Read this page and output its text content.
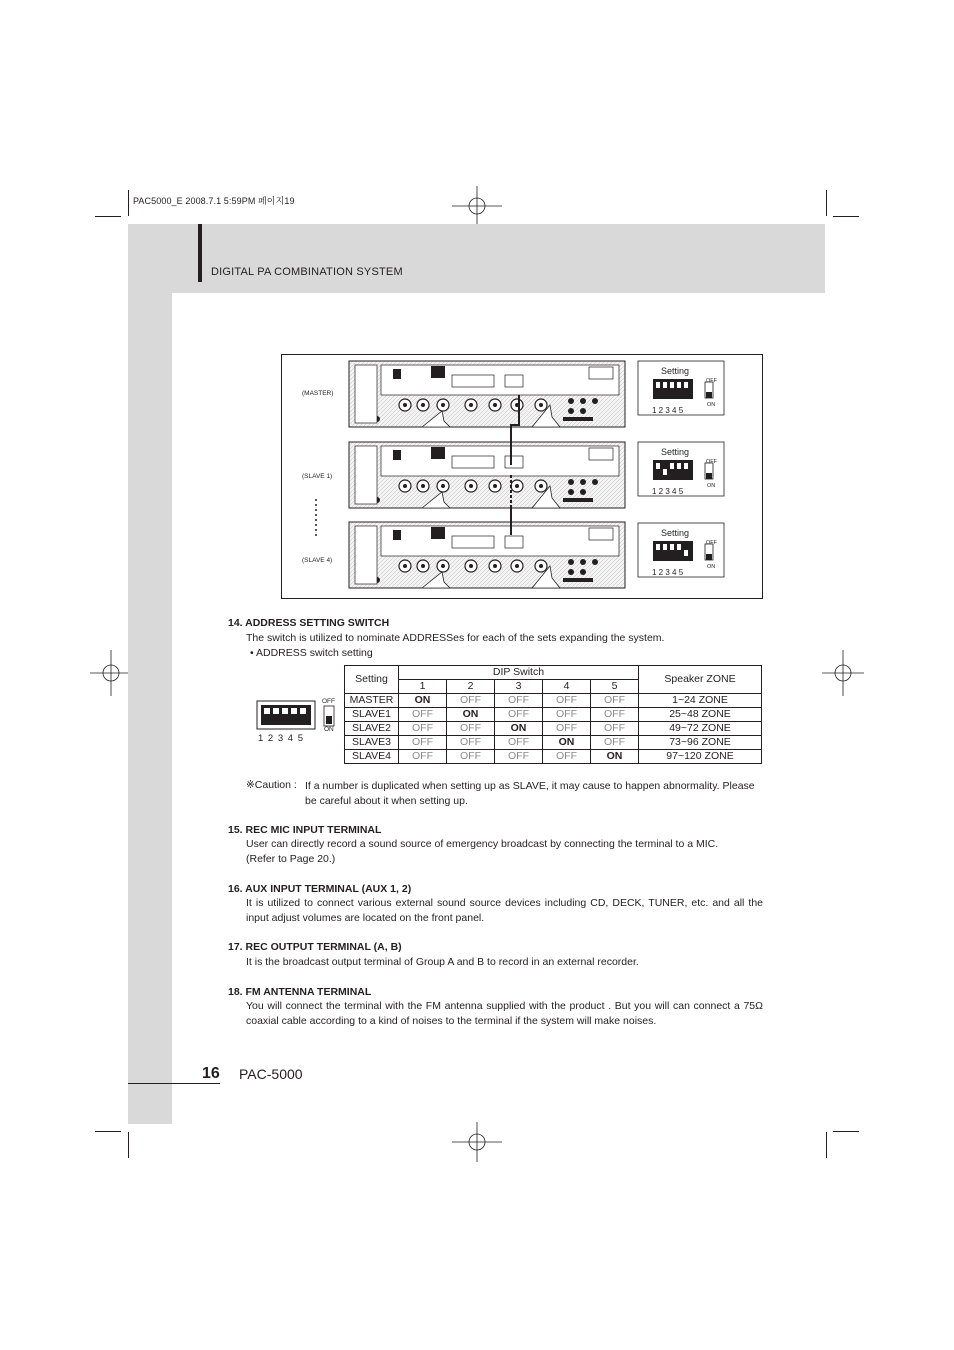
PAC5000_E 2008.7.1 5:59PM 페이지19
DIGITAL PA COMBINATION SYSTEM
(MASTER)
(SLAVE 1)
(SLAVE 4)
Setting
1 2 3 4 5
OFF
ON
Setting
1 2 3 4 5
OFF
ON
Setting
1 2 3 4 5
OFF
ON
14. ADDRESS SETTING SWITCH
The switch is utilized to nominate ADDRESSes for each of the sets expanding the system.
• ADDRESS switch setting
1 2 3 4 5
OFF
ON
Setting	DIP Switch					Speaker ZONE
	1	2	3	4	5	
MASTER	ON	OFF	OFF	OFF	OFF	1~24 ZONE
SLAVE1	OFF	ON	OFF	OFF	OFF	25~48 ZONE
SLAVE2	OFF	OFF	ON	OFF	OFF	49~72 ZONE
SLAVE3	OFF	OFF	OFF	ON	OFF	73~96 ZONE
SLAVE4	OFF	OFF	OFF	OFF	ON	97~120 ZONE
※Caution : If a number is duplicated when setting up as SLAVE, it may cause to happen abnormality. Please be careful about it when setting up.
15. REC MIC INPUT TERMINAL
User can directly record a sound source of emergency broadcast by connecting the terminal to a MIC.
(Refer to Page 20.)
16. AUX INPUT TERMINAL (AUX 1, 2)
It is utilized to connect various external sound source devices including CD, DECK, TUNER, etc. and all the input adjust volumes are located on the front panel.
17. REC OUTPUT TERMINAL (A, B)
It is the broadcast output terminal of Group A and B to record in an external recorder.
18. FM ANTENNA TERMINAL
You will connect the terminal with the FM antenna supplied with the product . But you will can connect a 75Ω coaxial cable according to a kind of noises to the terminal if the system will make noises.
16 PAC-5000
